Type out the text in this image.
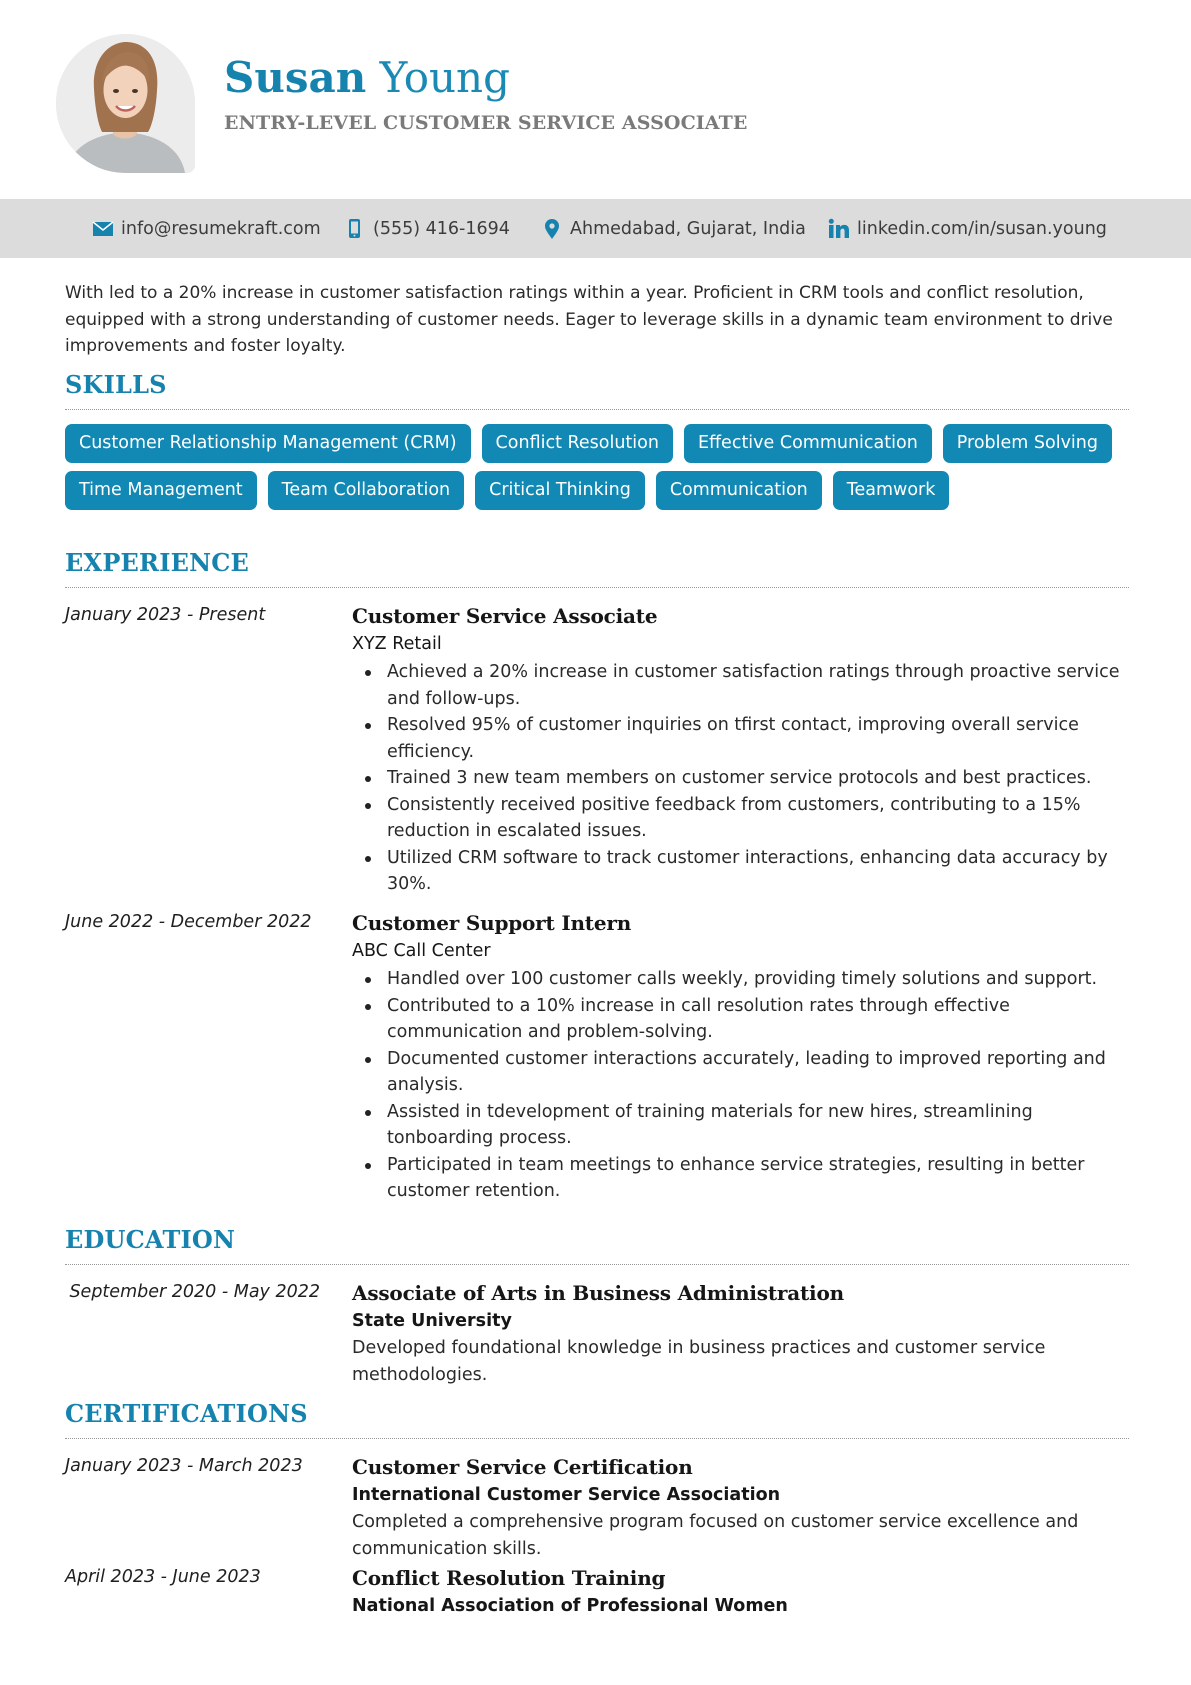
Susan Young
ENTRY-LEVEL CUSTOMER SERVICE ASSOCIATE
info@resumekraft.com	(555) 416-1694	Ahmedabad, Gujarat, India	linkedin.com/in/susan.young

With led to a 20% increase in customer satisfaction ratings within a year. Proficient in CRM tools and conflict resolution, equipped with a strong understanding of customer needs. Eager to leverage skills in a dynamic team environment to drive improvements and foster loyalty.

SKILLS
Customer Relationship Management (CRM)	Conflict Resolution	Effective Communication	Problem Solving
Time Management	Team Collaboration	Critical Thinking	Communication	Teamwork
EXPERIENCE
January 2023 - Present	Customer Service Associate
XYZ Retail
Achieved a 20% increase in customer satisfaction ratings through proactive service and follow-ups.
Resolved 95% of customer inquiries on tfirst contact, improving overall service efficiency.
Trained 3 new team members on customer service protocols and best practices.
Consistently received positive feedback from customers, contributing to a 15% reduction in escalated issues.
Utilized CRM software to track customer interactions, enhancing data accuracy by 30%.
June 2022 - December 2022	Customer Support Intern
ABC Call Center
Handled over 100 customer calls weekly, providing timely solutions and support.
Contributed to a 10% increase in call resolution rates through effective communication and problem-solving.
Documented customer interactions accurately, leading to improved reporting and analysis.
Assisted in tdevelopment of training materials for new hires, streamlining tonboarding process.
Participated in team meetings to enhance service strategies, resulting in better customer retention.
EDUCATION
September 2020 - May 2022 Associate of Arts in Business Administration
State University
Developed foundational knowledge in business practices and customer service methodologies.
CERTIFICATIONS
January 2023 - March 2023	Customer Service Certification
International Customer Service Association
Completed a comprehensive program focused on customer service excellence and communication skills.
April 2023 - June 2023	Conflict Resolution Training
National Association of Professional Women
